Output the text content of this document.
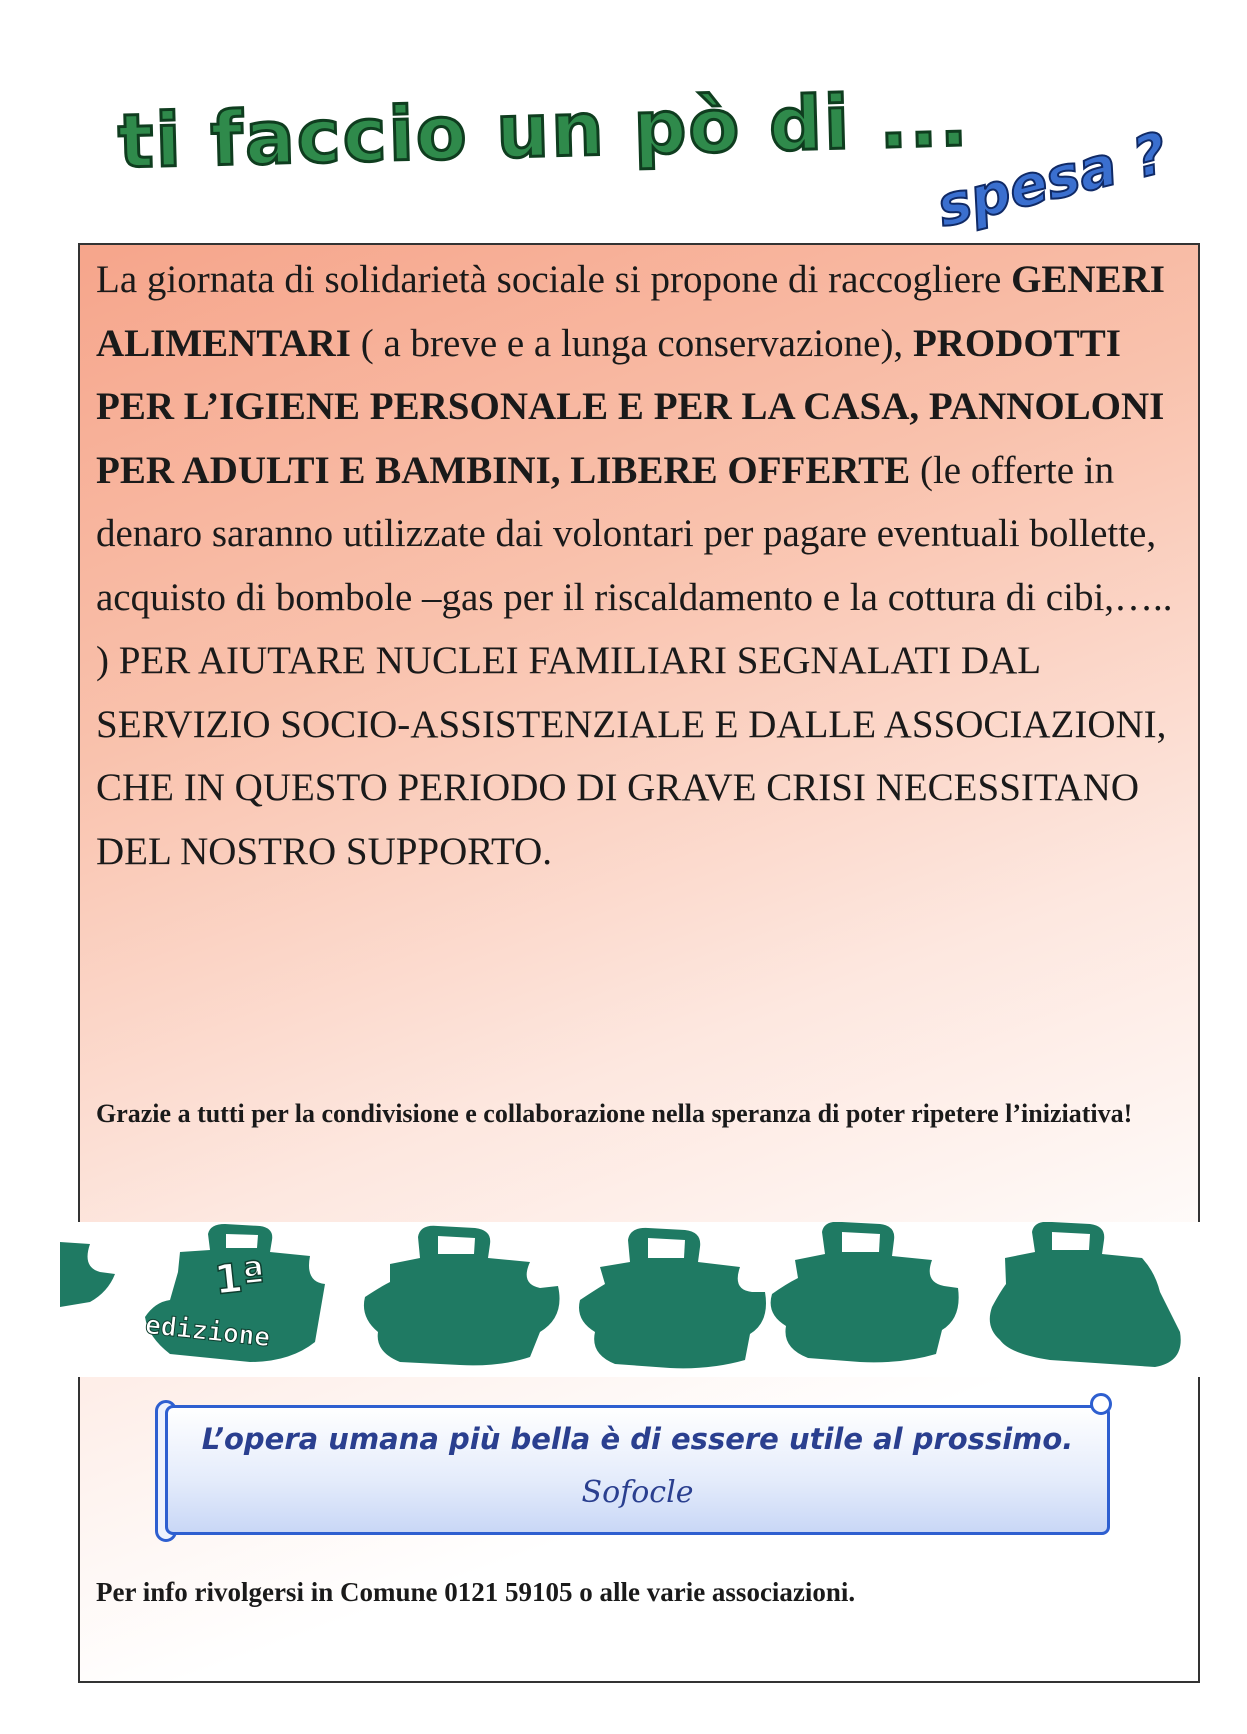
ti faccio un pò di ...
spesa ?
La giornata di solidarietà sociale si propone di raccogliere GENERI ALIMENTARI ( a breve e a lunga conservazione), PRODOTTI PER L’IGIENE PERSONALE E PER LA CASA, PANNOLONI PER ADULTI E BAMBINI, LIBERE OFFERTE (le offerte in denaro saranno utilizzate dai volontari per pagare eventuali bollette, acquisto di bombole –gas per il riscaldamento e la cottura di cibi,….. ) PER AIUTARE NUCLEI FAMILIARI SEGNALATI DAL SERVIZIO SOCIO-ASSISTENZIALE E DALLE ASSOCIAZIONI, CHE IN QUESTO PERIODO DI GRAVE CRISI NECESSITANO DEL NOSTRO SUPPORTO.
Grazie a tutti per la condivisione e collaborazione nella speranza di poter ripetere l’iniziativa!
1ª
edizione
L’opera umana più bella è di essere utile al prossimo.
Sofocle
Per info rivolgersi in Comune 0121 59105 o alle varie associazioni.
